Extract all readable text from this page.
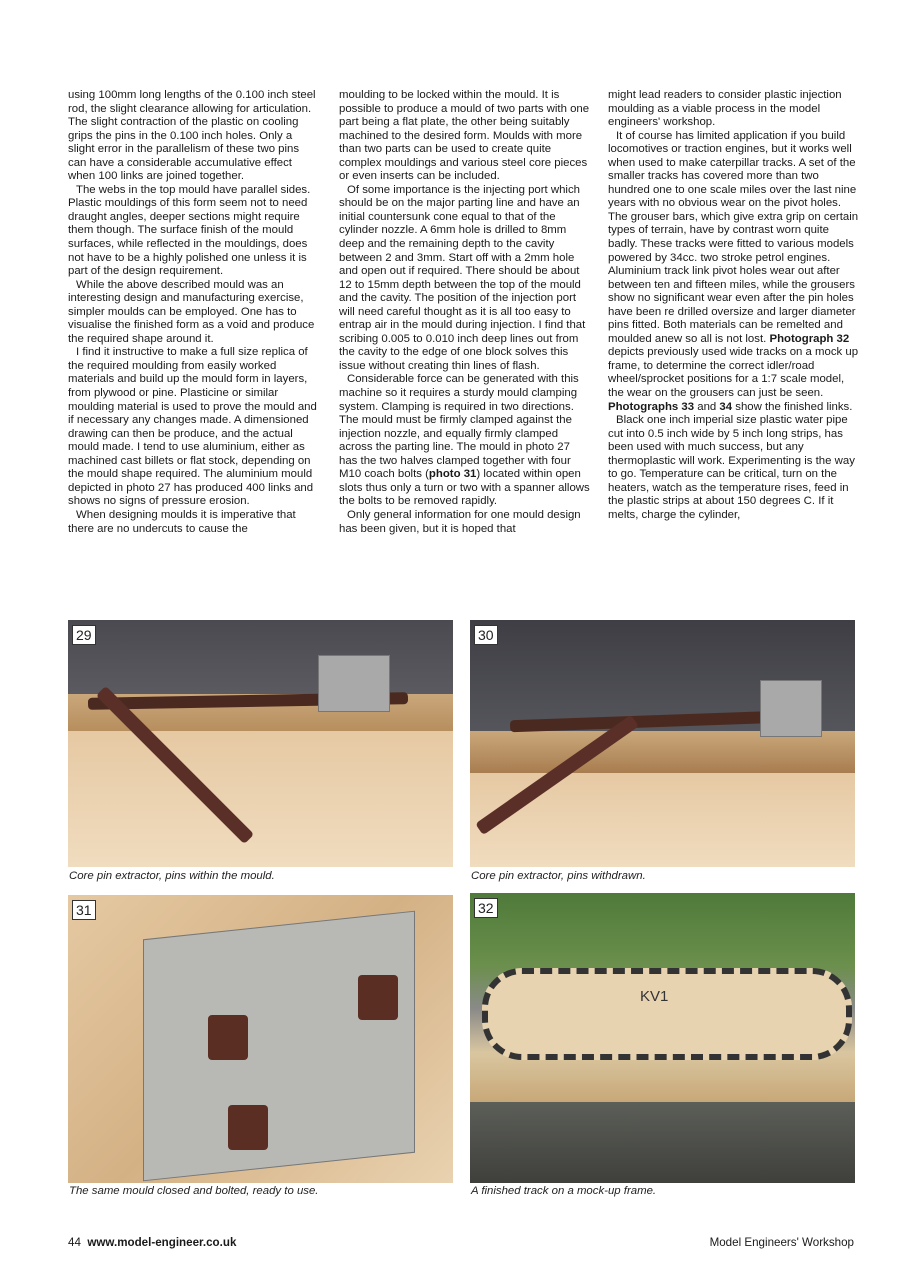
using 100mm long lengths of the 0.100 inch steel rod, the slight clearance allowing for articulation. The slight contraction of the plastic on cooling grips the pins in the 0.100 inch holes. Only a slight error in the parallelism of these two pins can have a considerable accumulative effect when 100 links are joined together.

The webs in the top mould have parallel sides. Plastic mouldings of this form seem not to need draught angles, deeper sections might require them though. The surface finish of the mould surfaces, while reflected in the mouldings, does not have to be a highly polished one unless it is part of the design requirement.

While the above described mould was an interesting design and manufacturing exercise, simpler moulds can be employed. One has to visualise the finished form as a void and produce the required shape around it.

I find it instructive to make a full size replica of the required moulding from easily worked materials and build up the mould form in layers, from plywood or pine. Plasticine or similar moulding material is used to prove the mould and if necessary any changes made. A dimensioned drawing can then be produce, and the actual mould made. I tend to use aluminium, either as machined cast billets or flat stock, depending on the mould shape required. The aluminium mould depicted in photo 27 has produced 400 links and shows no signs of pressure erosion.

When designing moulds it is imperative that there are no undercuts to cause the

moulding to be locked within the mould. It is possible to produce a mould of two parts with one part being a flat plate, the other being suitably machined to the desired form. Moulds with more than two parts can be used to create quite complex mouldings and various steel core pieces or even inserts can be included.

Of some importance is the injecting port which should be on the major parting line and have an initial countersunk cone equal to that of the cylinder nozzle. A 6mm hole is drilled to 8mm deep and the remaining depth to the cavity between 2 and 3mm. Start off with a 2mm hole and open out if required. There should be about 12 to 15mm depth between the top of the mould and the cavity. The position of the injection port will need careful thought as it is all too easy to entrap air in the mould during injection. I find that scribing 0.005 to 0.010 inch deep lines out from the cavity to the edge of one block solves this issue without creating thin lines of flash.

Considerable force can be generated with this machine so it requires a sturdy mould clamping system. Clamping is required in two directions. The mould must be firmly clamped against the injection nozzle, and equally firmly clamped across the parting line. The mould in photo 27 has the two halves clamped together with four M10 coach bolts (photo 31) located within open slots thus only a turn or two with a spanner allows the bolts to be removed rapidly.

Only general information for one mould design has been given, but it is hoped that

might lead readers to consider plastic injection moulding as a viable process in the model engineers' workshop.

It of course has limited application if you build locomotives or traction engines, but it works well when used to make caterpillar tracks. A set of the smaller tracks has covered more than two hundred one to one scale miles over the last nine years with no obvious wear on the pivot holes. The grouser bars, which give extra grip on certain types of terrain, have by contrast worn quite badly. These tracks were fitted to various models powered by 34cc. two stroke petrol engines. Aluminium track link pivot holes wear out after between ten and fifteen miles, while the grousers show no significant wear even after the pin holes have been re drilled oversize and larger diameter pins fitted. Both materials can be remelted and moulded anew so all is not lost. Photograph 32 depicts previously used wide tracks on a mock up frame, to determine the correct idler/road wheel/sprocket positions for a 1:7 scale model, the wear on the grousers can just be seen. Photographs 33 and 34 show the finished links.

Black one inch imperial size plastic water pipe cut into 0.5 inch wide by 5 inch long strips, has been used with much success, but any thermoplastic will work. Experimenting is the way to go. Temperature can be critical, turn on the heaters, watch as the temperature rises, feed in the plastic strips at about 150 degrees C. If it melts, charge the cylinder,

29
Core pin extractor, pins within the mould.
30
Core pin extractor, pins withdrawn.
31
The same mould closed and bolted, ready to use.
KV1
32
A finished track on a mock-up frame.
44 www.model-engineer.co.uk	Model Engineers' Workshop
